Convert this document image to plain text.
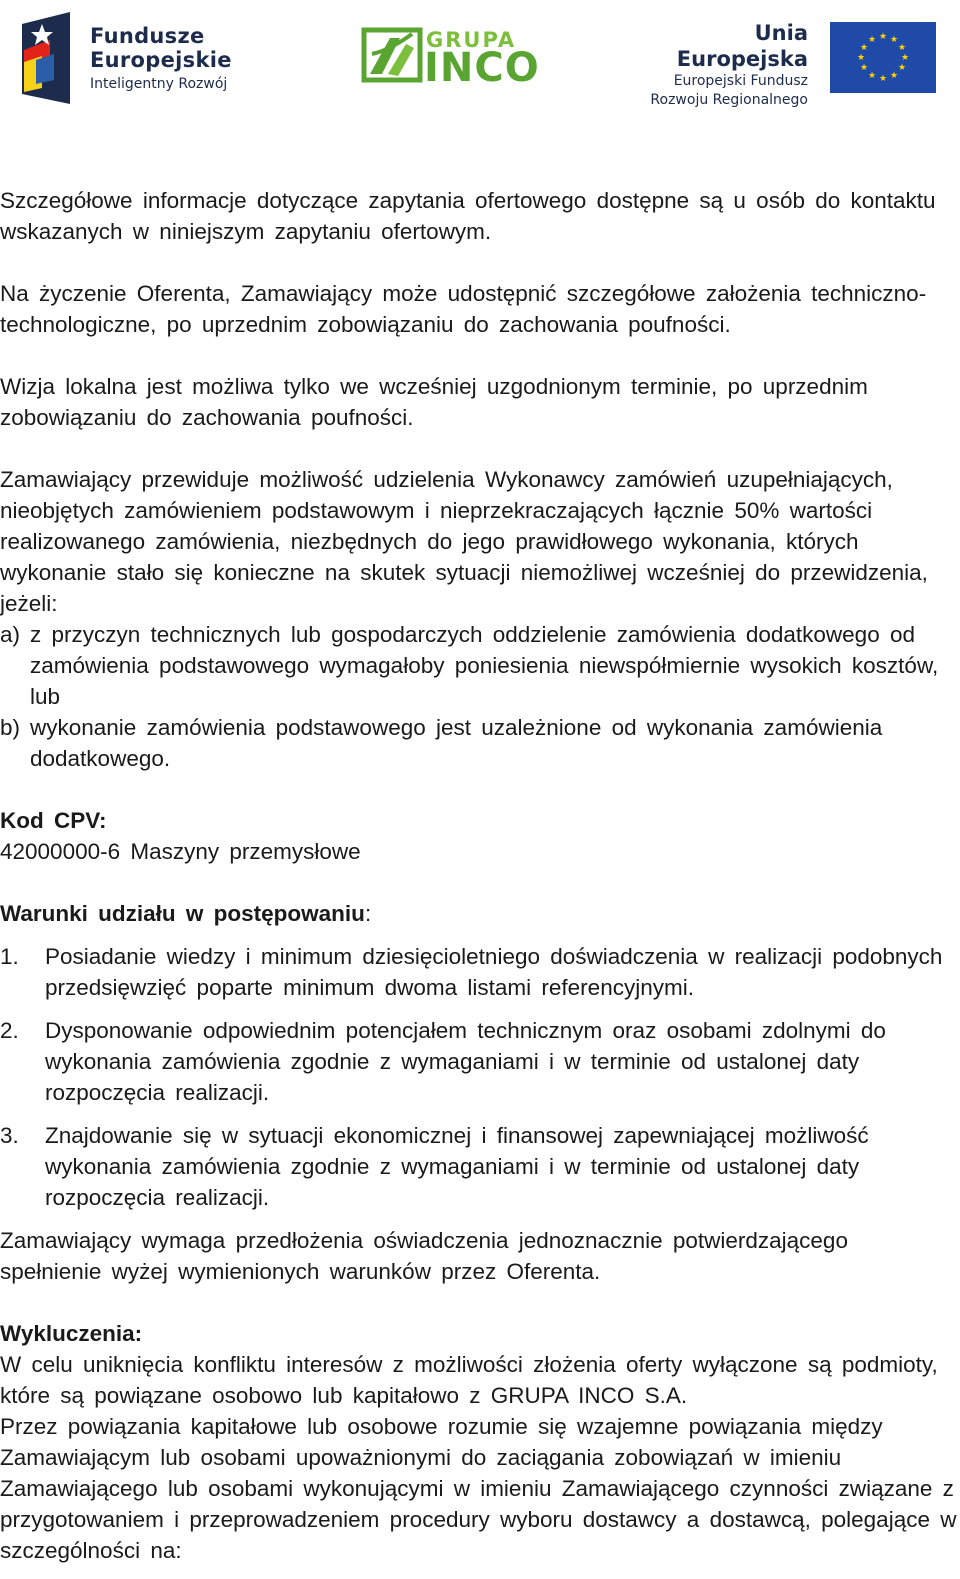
Fundusze
Europejskie
Inteligentny Rozwój
GRUPA
INCO
Unia Europejska
Europejski Fundusz
Rozwoju Regionalnego
★ ★
★
★
★
★
★
★
★
★
★
★

Szczegółowe informacje dotyczące zapytania ofertowego dostępne są u osób do kontaktu wskazanych w niniejszym zapytaniu ofertowym.

Na życzenie Oferenta, Zamawiający może udostępnić szczegółowe założenia techniczno-technologiczne, po uprzednim zobowiązaniu do zachowania poufności.

Wizja lokalna jest możliwa tylko we wcześniej uzgodnionym terminie, po uprzednim zobowiązaniu do zachowania poufności.

Zamawiający przewiduje możliwość udzielenia Wykonawcy zamówień uzupełniających, nieobjętych zamówieniem podstawowym i nieprzekraczających łącznie 50% wartości realizowanego zamówienia, niezbędnych do jego prawidłowego wykonania, których wykonanie stało się konieczne na skutek sytuacji niemożliwej wcześniej do przewidzenia, jeżeli:

a) z przyczyn technicznych lub gospodarczych oddzielenie zamówienia dodatkowego od zamówienia podstawowego wymagałoby poniesienia niewspółmiernie wysokich kosztów, lub
b) wykonanie zamówienia podstawowego jest uzależnione od wykonania zamówienia dodatkowego.

Kod CPV:

42000000-6 Maszyny przemysłowe

Warunki udziału w postępowaniu:

1. Posiadanie wiedzy i minimum dziesięcioletniego doświadczenia w realizacji podobnych przedsięwzięć poparte minimum dwoma listami referencyjnymi.
2. Dysponowanie odpowiednim potencjałem technicznym oraz osobami zdolnymi do wykonania zamówienia zgodnie z wymaganiami i w terminie od ustalonej daty rozpoczęcia realizacji.
3. Znajdowanie się w sytuacji ekonomicznej i finansowej zapewniającej możliwość wykonania zamówienia zgodnie z wymaganiami i w terminie od ustalonej daty rozpoczęcia realizacji.

Zamawiający wymaga przedłożenia oświadczenia jednoznacznie potwierdzającego spełnienie wyżej wymienionych warunków przez Oferenta.

Wykluczenia:

W celu uniknięcia konfliktu interesów z możliwości złożenia oferty wyłączone są podmioty, które są powiązane osobowo lub kapitałowo z GRUPA INCO S.A.

Przez powiązania kapitałowe lub osobowe rozumie się wzajemne powiązania między Zamawiającym lub osobami upoważnionymi do zaciągania zobowiązań w imieniu Zamawiającego lub osobami wykonującymi w imieniu Zamawiającego czynności związane z przygotowaniem i przeprowadzeniem procedury wyboru dostawcy a dostawcą, polegające w szczególności na:
